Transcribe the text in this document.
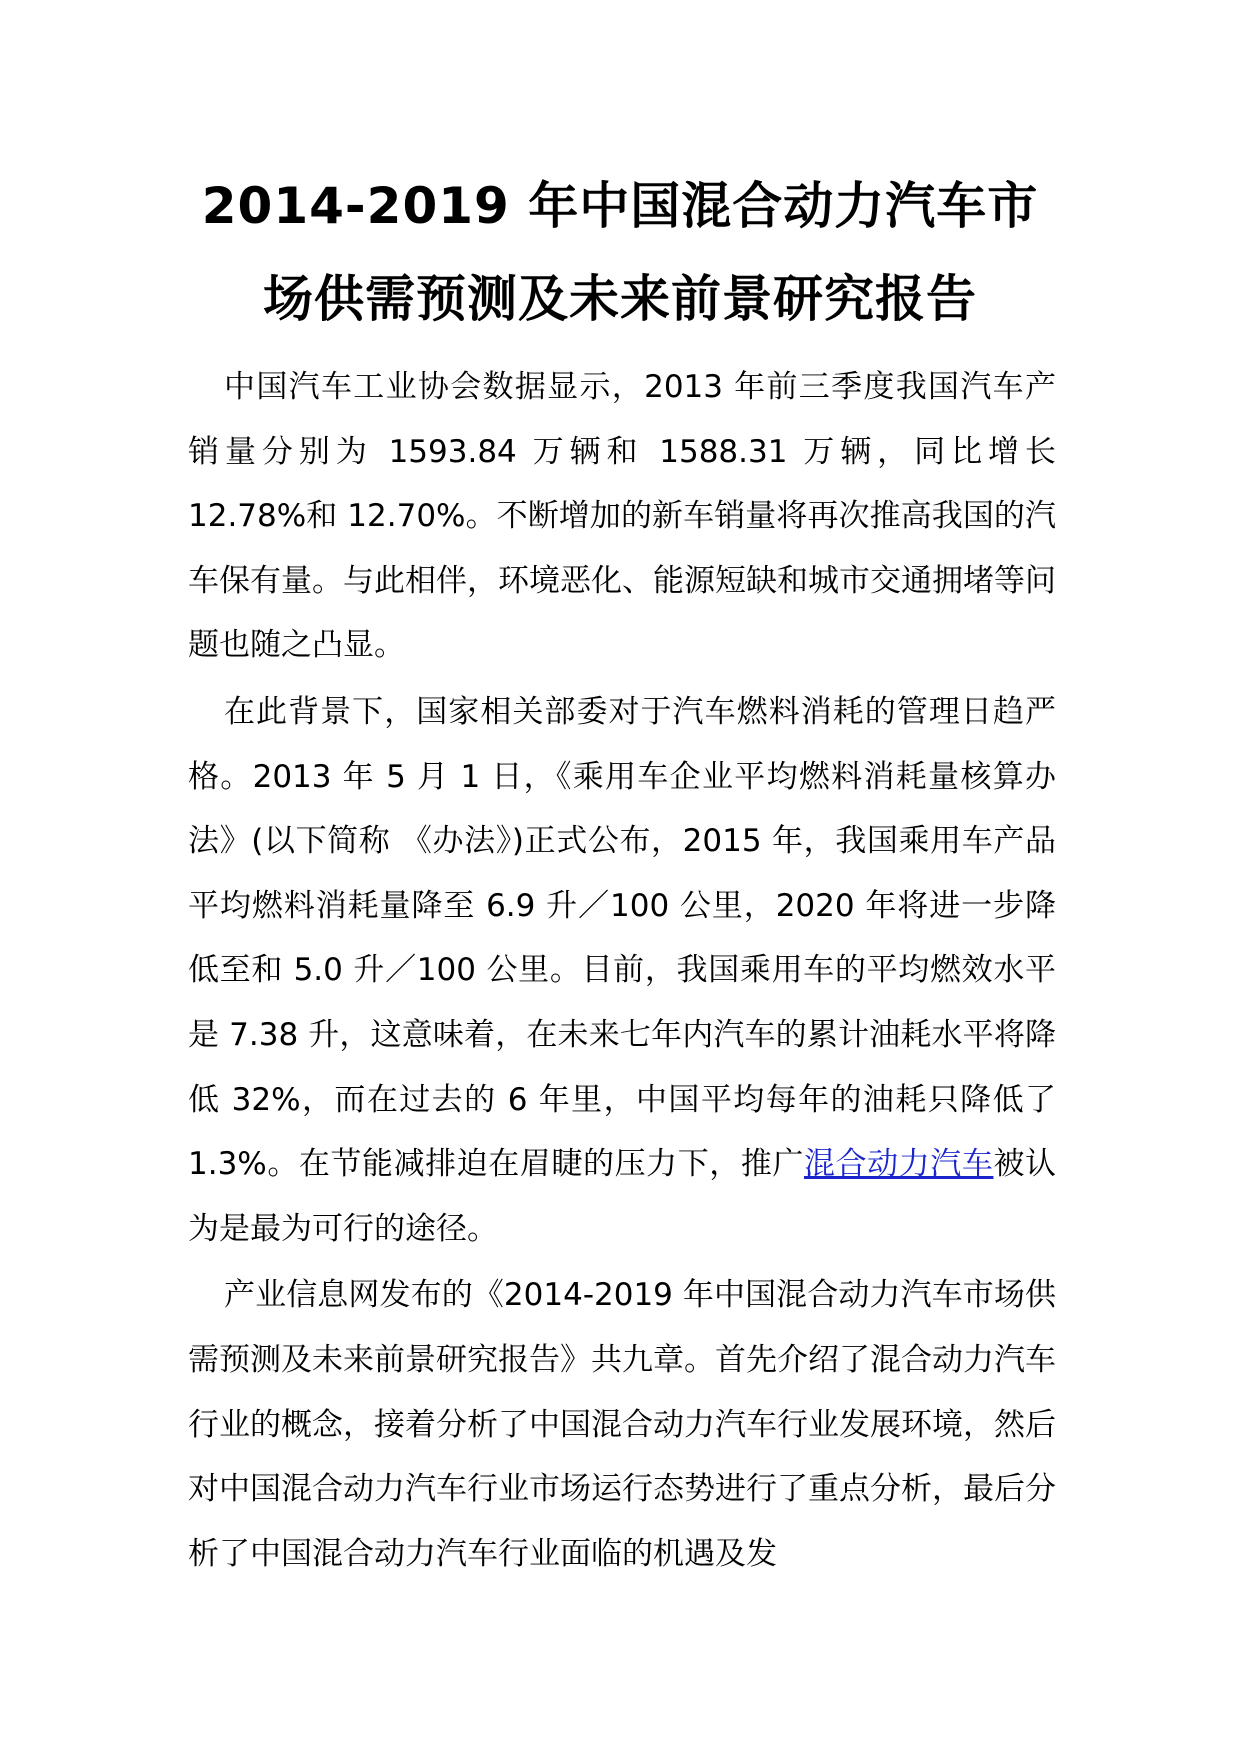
2014-2019 年中国混合动力汽车市
场供需预测及未来前景研究报告

中国汽车工业协会数据显示，2013 年前三季度我国汽车产销量分别为 1593.84 万辆和 1588.31 万辆，同比增长 12.78%和 12.70%。不断增加的新车销量将再次推高我国的汽车保有量。与此相伴，环境恶化、能源短缺和城市交通拥堵等问题也随之凸显。

在此背景下，国家相关部委对于汽车燃料消耗的管理日趋严格。2013 年 5 月 1 日，《乘用车企业平均燃料消耗量核算办法》(以下简称 《办法》)正式公布，2015 年，我国乘用车产品平均燃料消耗量降至 6.9 升／100 公里，2020 年将进一步降低至和 5.0 升／100 公里。目前，我国乘用车的平均燃效水平是 7.38 升，这意味着，在未来七年内汽车的累计油耗水平将降低 32%，而在过去的 6 年里，中国平均每年的油耗只降低了 1.3%。在节能减排迫在眉睫的压力下，推广混合动力汽车被认为是最为可行的途径。

产业信息网发布的《2014-2019 年中国混合动力汽车市场供需预测及未来前景研究报告》共九章。首先介绍了混合动力汽车行业的概念，接着分析了中国混合动力汽车行业发展环境，然后对中国混合动力汽车行业市场运行态势进行了重点分析，最后分析了中国混合动力汽车行业面临的机遇及发
